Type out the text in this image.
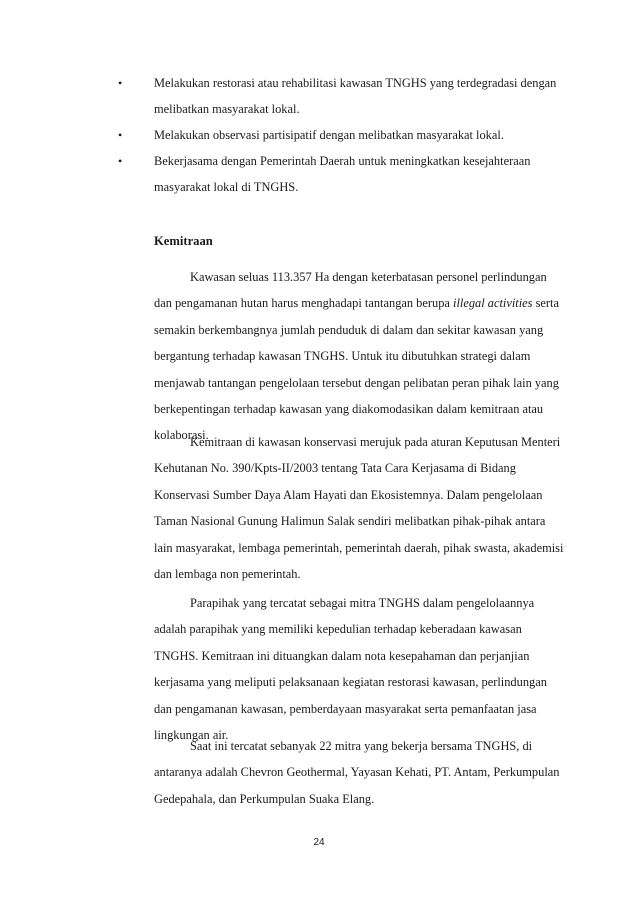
•	Melakukan restorasi atau rehabilitasi kawasan TNGHS yang terdegradasi dengan melibatkan masyarakat lokal.
•	Melakukan observasi partisipatif dengan melibatkan masyarakat lokal.
•	Bekerjasama dengan Pemerintah Daerah untuk meningkatkan kesejahteraan masyarakat lokal di TNGHS.
Kemitraan

Kawasan seluas 113.357 Ha dengan keterbatasan personel perlindungan dan pengamanan hutan harus menghadapi tantangan berupa illegal activities serta semakin berkembangnya jumlah penduduk di dalam dan sekitar kawasan yang bergantung terhadap kawasan TNGHS. Untuk itu dibutuhkan strategi dalam menjawab tantangan pengelolaan tersebut dengan pelibatan peran pihak lain yang berkepentingan terhadap kawasan yang diakomodasikan dalam kemitraan atau kolaborasi.

Kemitraan di kawasan konservasi merujuk pada aturan Keputusan Menteri Kehutanan No. 390/Kpts-II/2003 tentang Tata Cara Kerjasama di Bidang Konservasi Sumber Daya Alam Hayati dan Ekosistemnya. Dalam pengelolaan Taman Nasional Gunung Halimun Salak sendiri melibatkan pihak-pihak antara lain masyarakat, lembaga pemerintah, pemerintah daerah, pihak swasta, akademisi dan lembaga non pemerintah.

Parapihak yang tercatat sebagai mitra TNGHS dalam pengelolaannya adalah parapihak yang memiliki kepedulian terhadap keberadaan kawasan TNGHS. Kemitraan ini dituangkan dalam nota kesepahaman dan perjanjian kerjasama yang meliputi pelaksanaan kegiatan restorasi kawasan, perlindungan dan pengamanan kawasan, pemberdayaan masyarakat serta pemanfaatan jasa lingkungan air.

Saat ini tercatat sebanyak 22 mitra yang bekerja bersama TNGHS, di antaranya adalah Chevron Geothermal, Yayasan Kehati, PT. Antam, Perkumpulan Gedepahala, dan Perkumpulan Suaka Elang.

24
